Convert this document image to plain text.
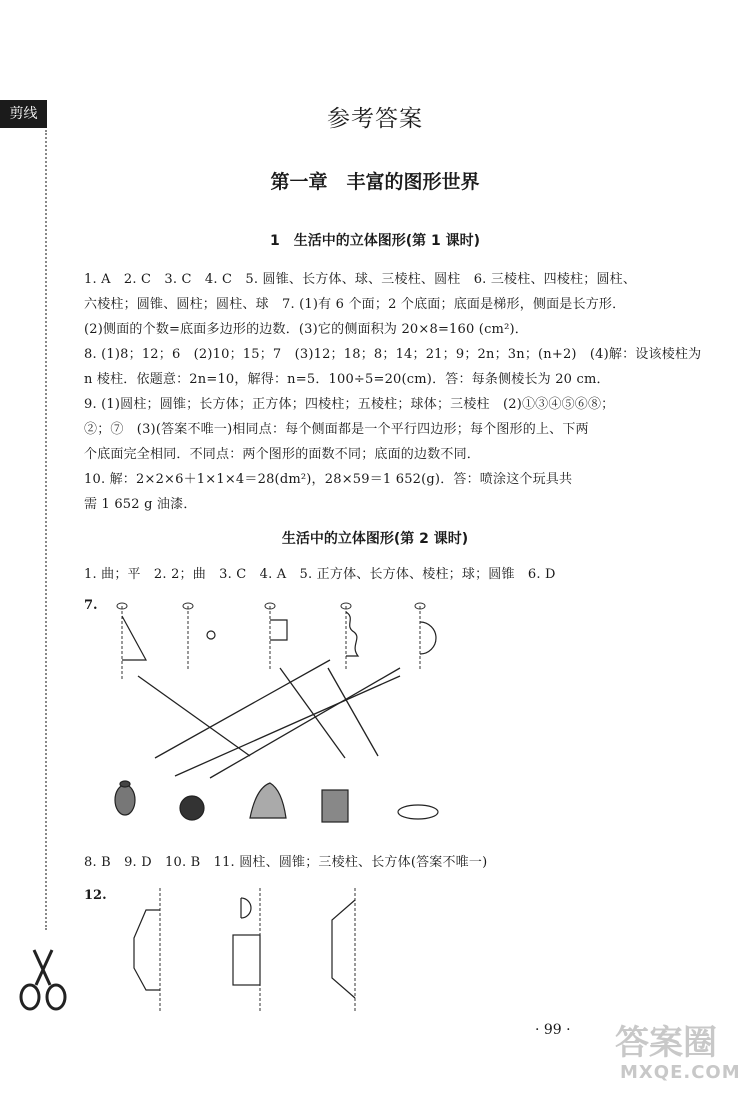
剪线	参考答案
第一章　丰富的图形世界
1　生活中的立体图形(第 1 课时)
1. A　2. C　3. C　4. C　5. 圆锥、长方体、球、三棱柱、圆柱　6. 三棱柱、四棱柱；圆柱、
六棱柱；圆锥、圆柱；圆柱、球　7. (1)有 6 个面；2 个底面；底面是梯形，侧面是长方形．
(2)侧面的个数=底面多边形的边数．(3)它的侧面积为 20×8=160 (cm²)．
8. (1)8；12；6　(2)10；15；7　(3)12；18；8；14；21；9；2n；3n；(n+2)　(4)解：设该棱柱为
n 棱柱．依题意：2n=10，解得：n=5．100÷5=20(cm)．答：每条侧棱长为 20 cm．
9. (1)圆柱；圆锥；长方体；正方体；四棱柱；五棱柱；球体；三棱柱　(2)①③④⑤⑥⑧；
②；⑦　(3)(答案不唯一)相同点：每个侧面都是一个平行四边形；每个图形的上、下两
个底面完全相同．不同点：两个图形的面数不同；底面的边数不同．
10. 解：2×2×6＋1×1×4＝28(dm²)，28×59＝1 652(g)．答：喷涂这个玩具共
需 1 652 g 油漆．
生活中的立体图形(第 2 课时)
1. 曲；平　2. 2；曲　3. C　4. A　5. 正方体、长方体、棱柱；球；圆锥　6. D
7.
8. B　9. D　10. B　11. 圆柱、圆锥；三棱柱、长方体(答案不唯一)
12.
· 99 · 答案圈
MXQE.COM
